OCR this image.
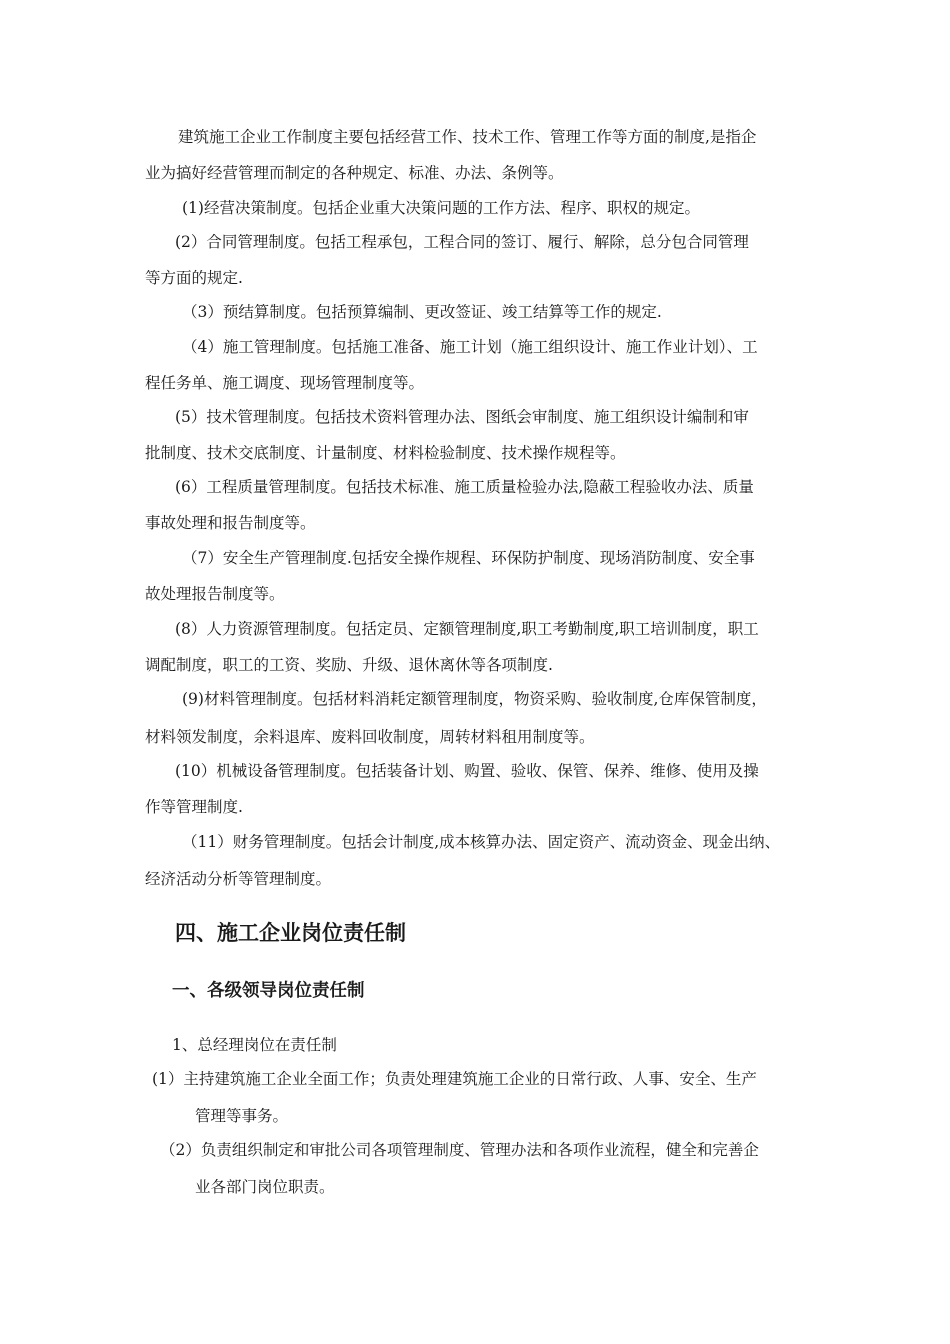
建筑施工企业工作制度主要包括经营工作、技术工作、管理工作等方面的制度,是指企
业为搞好经营管理而制定的各种规定、标准、办法、条例等。
(1)经营决策制度。包括企业重大决策问题的工作方法、程序、职权的规定。
(2）合同管理制度。包括工程承包，工程合同的签订、履行、解除，总分包合同管理
等方面的规定.
（3）预结算制度。包括预算编制、更改签证、竣工结算等工作的规定.
（4）施工管理制度。包括施工准备、施工计划（施工组织设计、施工作业计划）、工
程任务单、施工调度、现场管理制度等。
(5）技术管理制度。包括技术资料管理办法、图纸会审制度、施工组织设计编制和审
批制度、技术交底制度、计量制度、材料检验制度、技术操作规程等。
(6）工程质量管理制度。包括技术标准、施工质量检验办法,隐蔽工程验收办法、质量
事故处理和报告制度等。
（7）安全生产管理制度.包括安全操作规程、环保防护制度、现场消防制度、安全事
故处理报告制度等。
(8）人力资源管理制度。包括定员、定额管理制度,职工考勤制度,职工培训制度，职工
调配制度，职工的工资、奖励、升级、退休离休等各项制度.
(9)材料管理制度。包括材料消耗定额管理制度，物资采购、验收制度,仓库保管制度，
材料领发制度，余料退库、废料回收制度，周转材料租用制度等。
(10）机械设备管理制度。包括装备计划、购置、验收、保管、保养、维修、使用及操
作等管理制度.
（11）财务管理制度。包括会计制度,成本核算办法、固定资产、流动资金、现金出纳、
经济活动分析等管理制度。
四、施工企业岗位责任制
一、各级领导岗位责任制
1、总经理岗位在责任制
(1）主持建筑施工企业全面工作；负责处理建筑施工企业的日常行政、人事、安全、生产
管理等事务。
（2）负责组织制定和审批公司各项管理制度、管理办法和各项作业流程，健全和完善企
业各部门岗位职责。
